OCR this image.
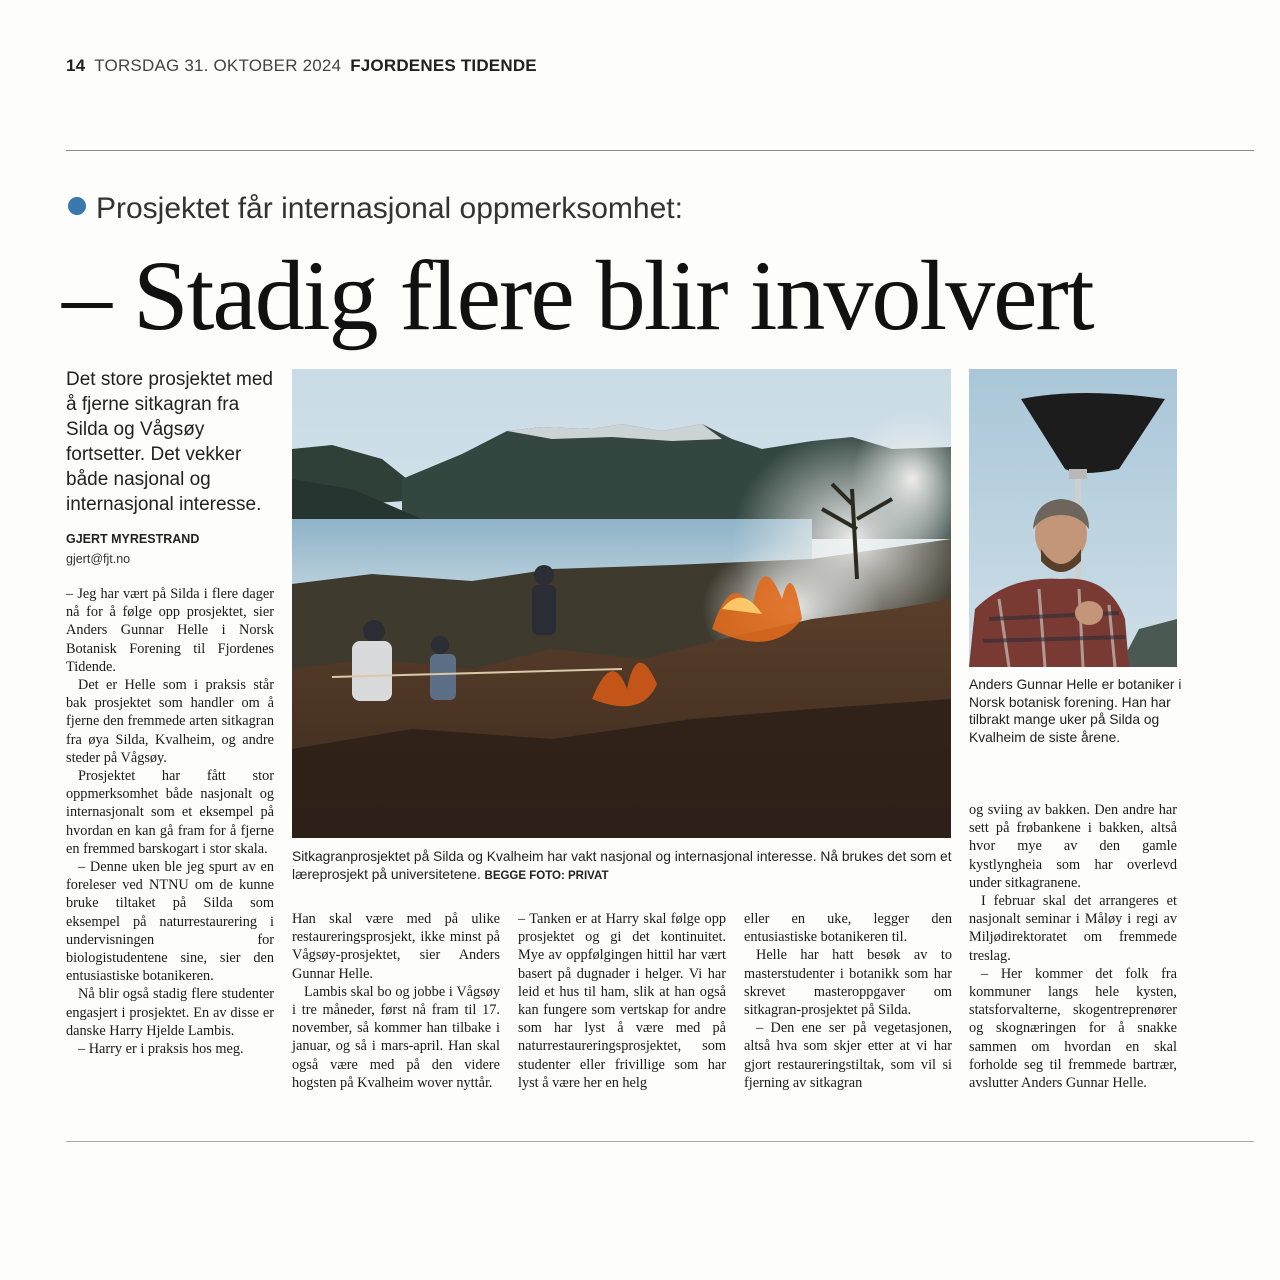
14 TORSDAG 31. OKTOBER 2024 FJORDENES TIDENDE
Prosjektet får internasjonal oppmerksomhet:
– Stadig flere blir involvert
Det store prosjektet med å fjerne sitkagran fra Silda og Vågsøy fortsetter. Det vekker både nasjonal og internasjonal interesse.
GJERT MYRESTRAND
gjert@fjt.no

– Jeg har vært på Silda i flere dager nå for å følge opp prosjektet, sier Anders Gunnar Helle i Norsk Botanisk Forening til Fjordenes Tidende.

Det er Helle som i praksis står bak prosjektet som handler om å fjerne den fremmede arten sitkagran fra øya Silda, Kvalheim, og andre steder på Vågsøy.

Prosjektet har fått stor oppmerksomhet både nasjonalt og internasjonalt som et eksempel på hvordan en kan gå fram for å fjerne en fremmed barskogart i stor skala.

– Denne uken ble jeg spurt av en foreleser ved NTNU om de kunne bruke tiltaket på Silda som eksempel på naturrestaurering i undervisningen for biologistudentene sine, sier den entusiastiske botanikeren.

Nå blir også stadig flere studenter engasjert i prosjektet. En av disse er danske Harry Hjelde Lambis.

– Harry er i praksis hos meg.

Sitkagranprosjektet på Silda og Kvalheim har vakt nasjonal og internasjonal interesse. Nå brukes det som et læreprosjekt på universitetene. BEGGE FOTO: PRIVAT
Anders Gunnar Helle er botaniker i Norsk botanisk forening. Han har tilbrakt mange uker på Silda og Kvalheim de siste årene.

Han skal være med på ulike restaureringsprosjekt, ikke minst på Vågsøy-prosjektet, sier Anders Gunnar Helle.

Lambis skal bo og jobbe i Vågsøy i tre måneder, først nå fram til 17. november, så kommer han tilbake i januar, og så i mars-april. Han skal også være med på den videre hogsten på Kvalheim wover nyttår.

– Tanken er at Harry skal følge opp prosjektet og gi det kontinuitet. Mye av oppfølgingen hittil har vært basert på dugnader i helger. Vi har leid et hus til ham, slik at han også kan fungere som vertskap for andre som har lyst å være med på naturrestaureringsprosjektet, som studenter eller frivillige som har lyst å være her en helg

eller en uke, legger den entusiastiske botanikeren til.

Helle har hatt besøk av to masterstudenter i botanikk som har skrevet masteroppgaver om sitkagran-prosjektet på Silda.

– Den ene ser på vegetasjonen, altså hva som skjer etter at vi har gjort restaureringstiltak, som vil si fjerning av sitkagran

og sviing av bakken. Den andre har sett på frøbankene i bakken, altså hvor mye av den gamle kystlyngheia som har overlevd under sitkagranene.

I februar skal det arrangeres et nasjonalt seminar i Måløy i regi av Miljødirektoratet om fremmede treslag.

– Her kommer det folk fra kommuner langs hele kysten, statsforvalterne, skogentreprenører og skognæringen for å snakke sammen om hvordan en skal forholde seg til fremmede bartrær, avslutter Anders Gunnar Helle.
